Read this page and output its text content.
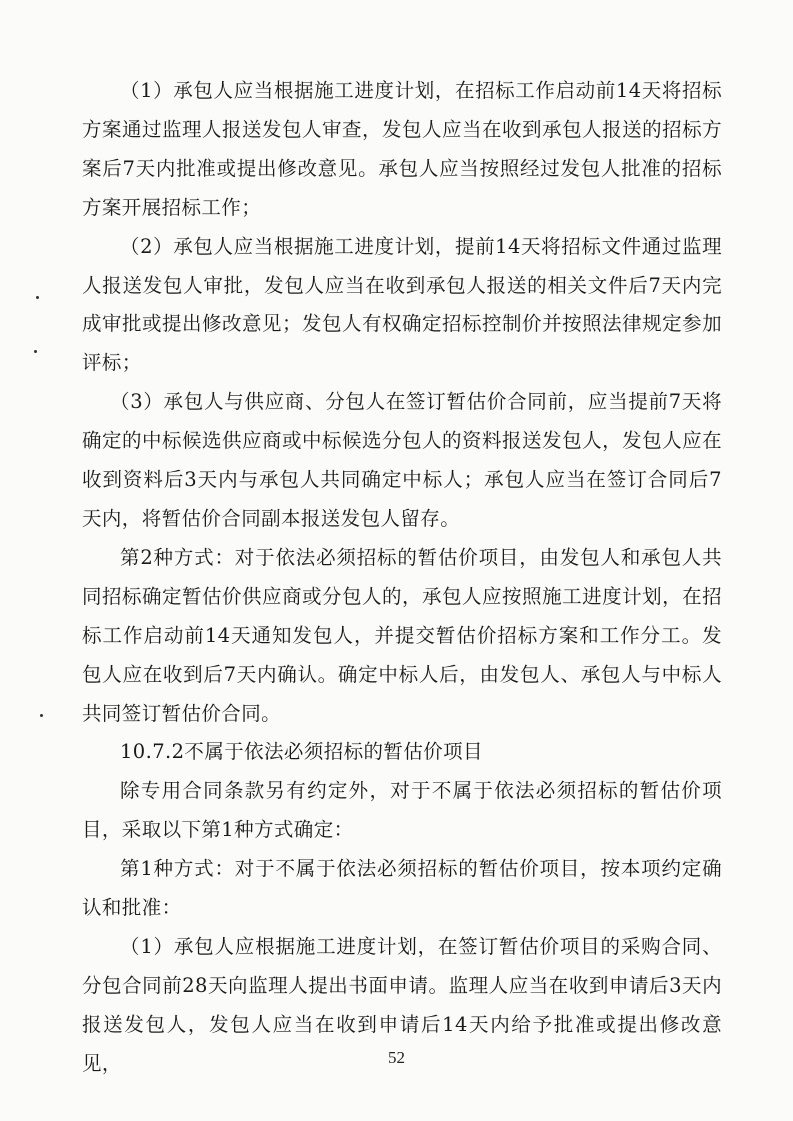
（1）承包人应当根据施工进度计划，在招标工作启动前14天将招标方案通过监理人报送发包人审查，发包人应当在收到承包人报送的招标方案后7天内批准或提出修改意见。承包人应当按照经过发包人批准的招标方案开展招标工作；

（2）承包人应当根据施工进度计划，提前14天将招标文件通过监理人报送发包人审批，发包人应当在收到承包人报送的相关文件后7天内完成审批或提出修改意见；发包人有权确定招标控制价并按照法律规定参加评标；

（3）承包人与供应商、分包人在签订暂估价合同前，应当提前7天将确定的中标候选供应商或中标候选分包人的资料报送发包人，发包人应在收到资料后3天内与承包人共同确定中标人；承包人应当在签订合同后7天内，将暂估价合同副本报送发包人留存。

第2种方式：对于依法必须招标的暂估价项目，由发包人和承包人共同招标确定暂估价供应商或分包人的，承包人应按照施工进度计划，在招标工作启动前14天通知发包人，并提交暂估价招标方案和工作分工。发包人应在收到后7天内确认。确定中标人后，由发包人、承包人与中标人共同签订暂估价合同。

10.7.2不属于依法必须招标的暂估价项目

除专用合同条款另有约定外，对于不属于依法必须招标的暂估价项目，采取以下第1种方式确定：

第1种方式：对于不属于依法必须招标的暂估价项目，按本项约定确认和批准：

（1）承包人应根据施工进度计划，在签订暂估价项目的采购合同、分包合同前28天向监理人提出书面申请。监理人应当在收到申请后3天内报送发包人，发包人应当在收到申请后14天内给予批准或提出修改意见，	52
